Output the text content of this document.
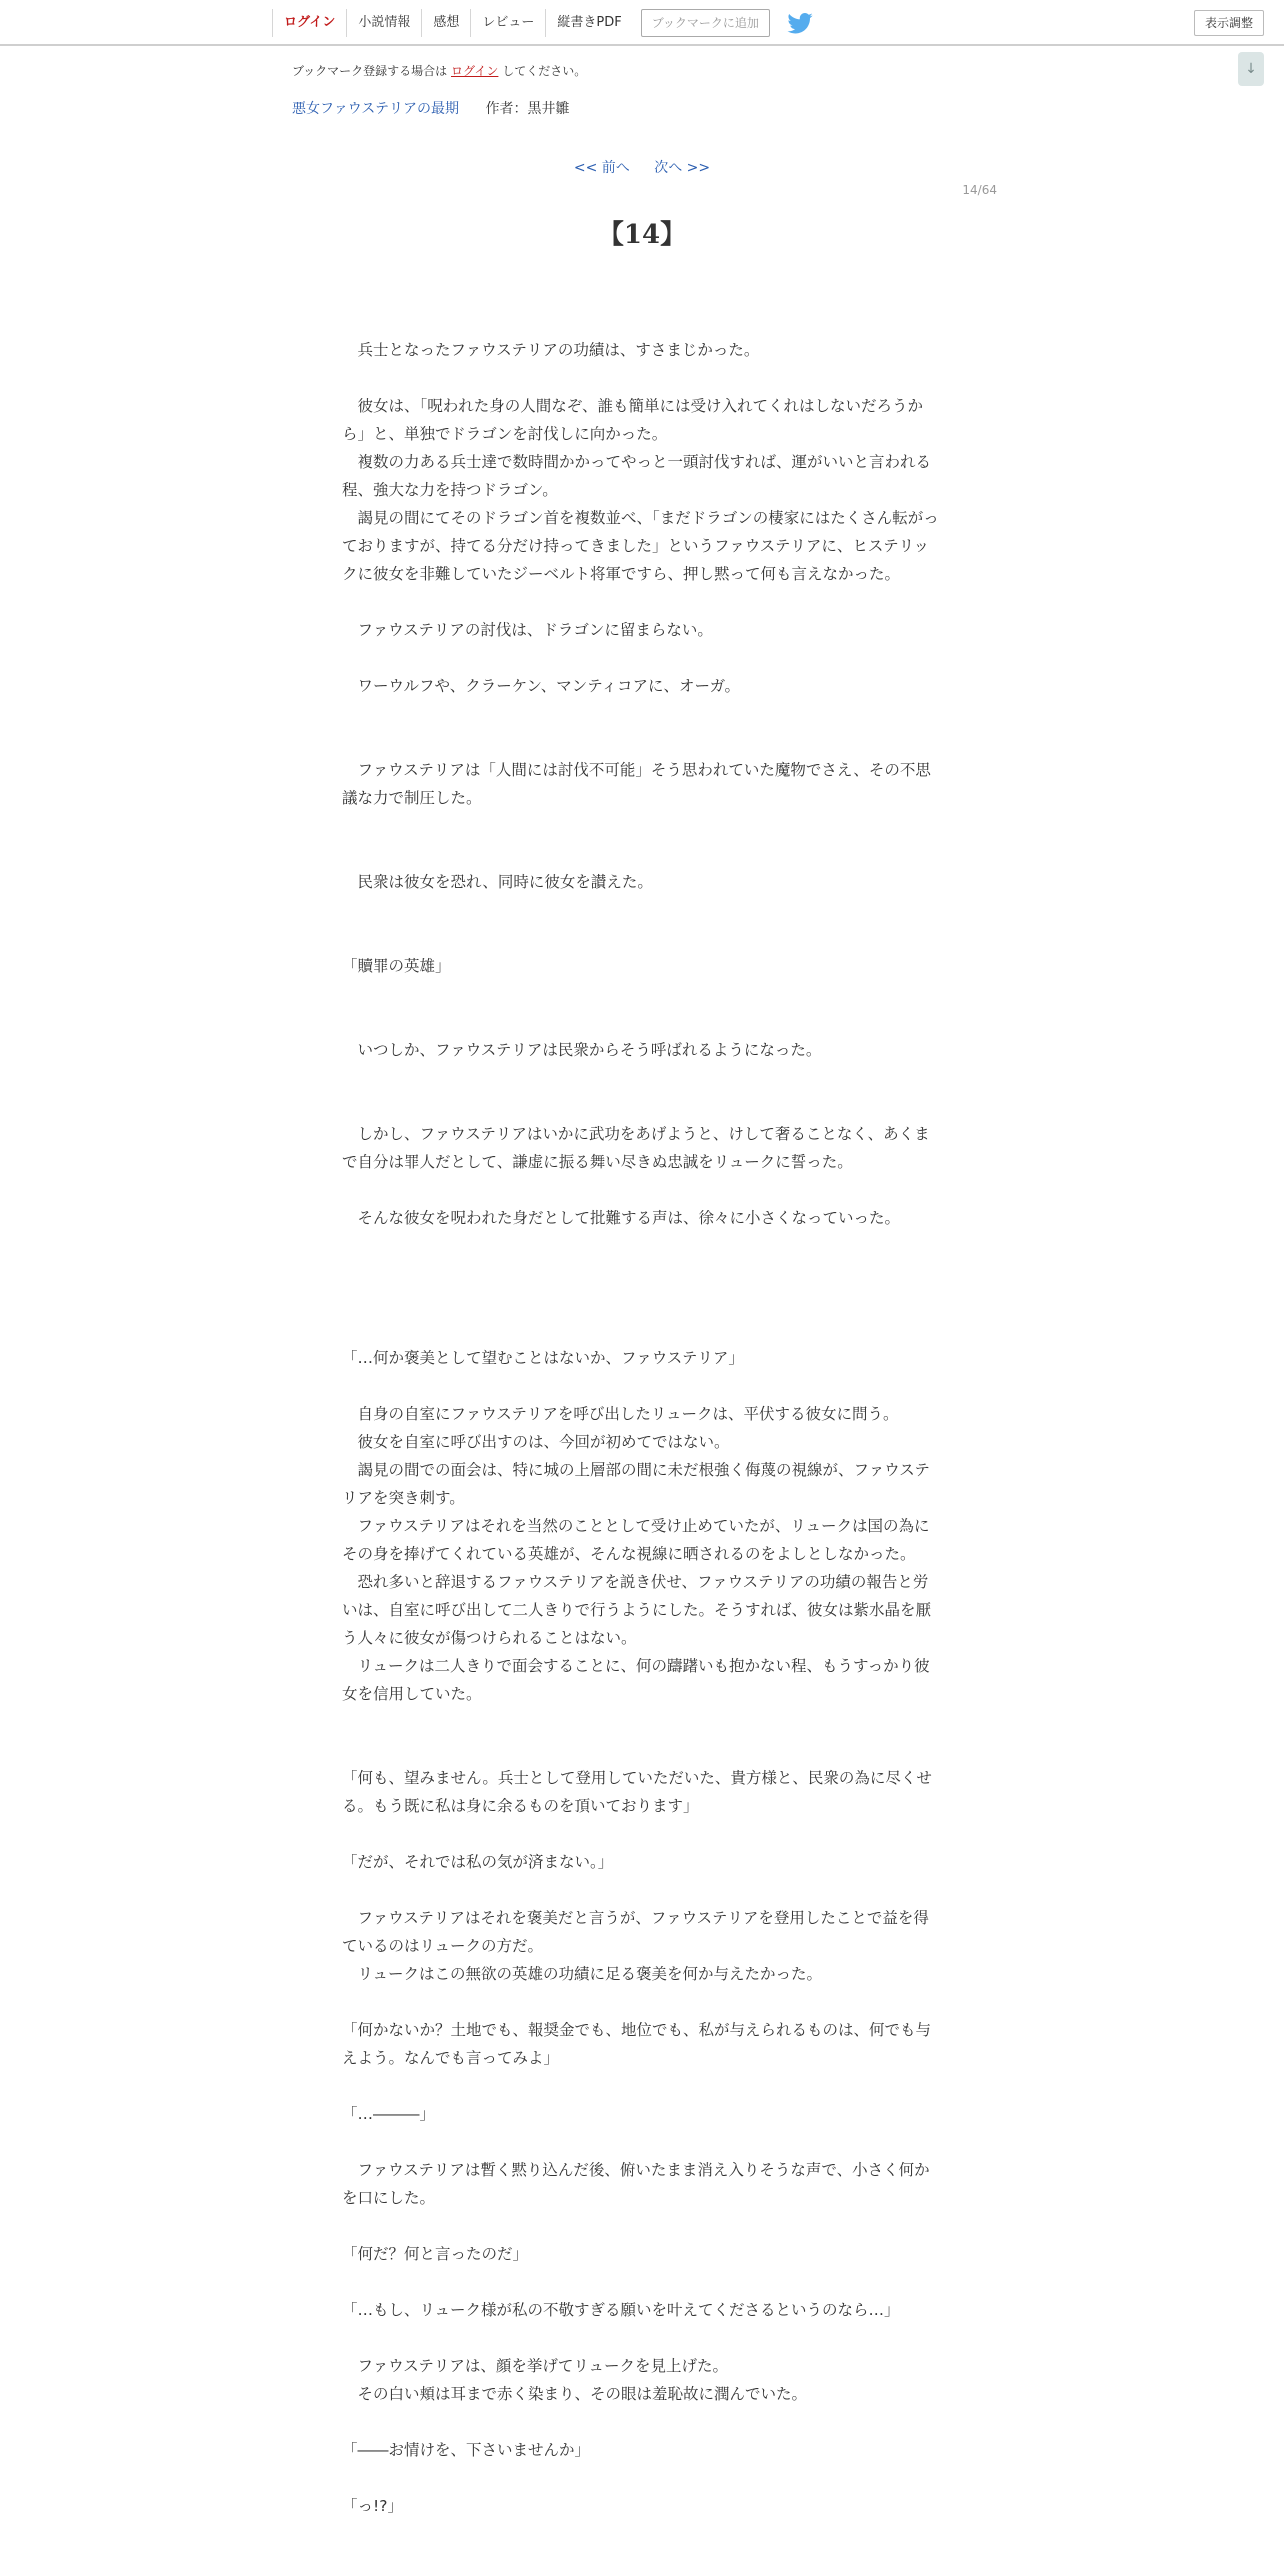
ログイン	小説情報	感想	レビュー	縦書きPDF	ブックマークに追加	表示調整
↓
ブックマーク登録する場合は ログイン してください。
悪女ファウステリアの最期 作者：黒井雛
<< 前へ 次へ >>
14/64
【14】

　兵士となったファウステリアの功績は、すさまじかった。

　彼女は、「呪われた身の人間なぞ、誰も簡単には受け入れてくれはしないだろうから」と、単独でドラゴンを討伐しに向かった。

　複数の力ある兵士達で数時間かかってやっと一頭討伐すれば、運がいいと言われる程、強大な力を持つドラゴン。

　謁見の間にてそのドラゴン首を複数並べ、「まだドラゴンの棲家にはたくさん転がっておりますが、持てる分だけ持ってきました」というファウステリアに、ヒステリックに彼女を非難していたジーベルト将軍ですら、押し黙って何も言えなかった。

　ファウステリアの討伐は、ドラゴンに留まらない。

　ワーウルフや、クラーケン、マンティコアに、オーガ。

　ファウステリアは「人間には討伐不可能」そう思われていた魔物でさえ、その不思議な力で制圧した。

　民衆は彼女を恐れ、同時に彼女を讃えた。

「贖罪の英雄」

　いつしか、ファウステリアは民衆からそう呼ばれるようになった。

　しかし、ファウステリアはいかに武功をあげようと、けして奢ることなく、あくまで自分は罪人だとして、謙虚に振る舞い尽きぬ忠誠をリュークに誓った。

　そんな彼女を呪われた身だとして批難する声は、徐々に小さくなっていった。

「…何か褒美として望むことはないか、ファウステリア」

　自身の自室にファウステリアを呼び出したリュークは、平伏する彼女に問う。

　彼女を自室に呼び出すのは、今回が初めてではない。

　謁見の間での面会は、特に城の上層部の間に未だ根強く侮蔑の視線が、ファウステリアを突き刺す。

　ファウステリアはそれを当然のこととして受け止めていたが、リュークは国の為にその身を捧げてくれている英雄が、そんな視線に晒されるのをよしとしなかった。

　恐れ多いと辞退するファウステリアを説き伏せ、ファウステリアの功績の報告と労いは、自室に呼び出して二人きりで行うようにした。そうすれば、彼女は紫水晶を厭う人々に彼女が傷つけられることはない。

　リュークは二人きりで面会することに、何の躊躇いも抱かない程、もうすっかり彼女を信用していた。

「何も、望みません。兵士として登用していただいた、貴方様と、民衆の為に尽くせる。もう既に私は身に余るものを頂いております」

「だが、それでは私の気が済まない。」

　ファウステリアはそれを褒美だと言うが、ファウステリアを登用したことで益を得ているのはリュークの方だ。

　リュークはこの無欲の英雄の功績に足る褒美を何か与えたかった。

「何かないか？土地でも、報奨金でも、地位でも、私が与えられるものは、何でも与えよう。なんでも言ってみよ」

「…―――」

　ファウステリアは暫く黙り込んだ後、俯いたまま消え入りそうな声で、小さく何かを口にした。

「何だ？何と言ったのだ」

「…もし、リューク様が私の不敬すぎる願いを叶えてくださるというのなら…」

　ファウステリアは、顔を挙げてリュークを見上げた。

　その白い頬は耳まで赤く染まり、その眼は羞恥故に潤んでいた。

「――お情けを、下さいませんか」

「っ!?」
